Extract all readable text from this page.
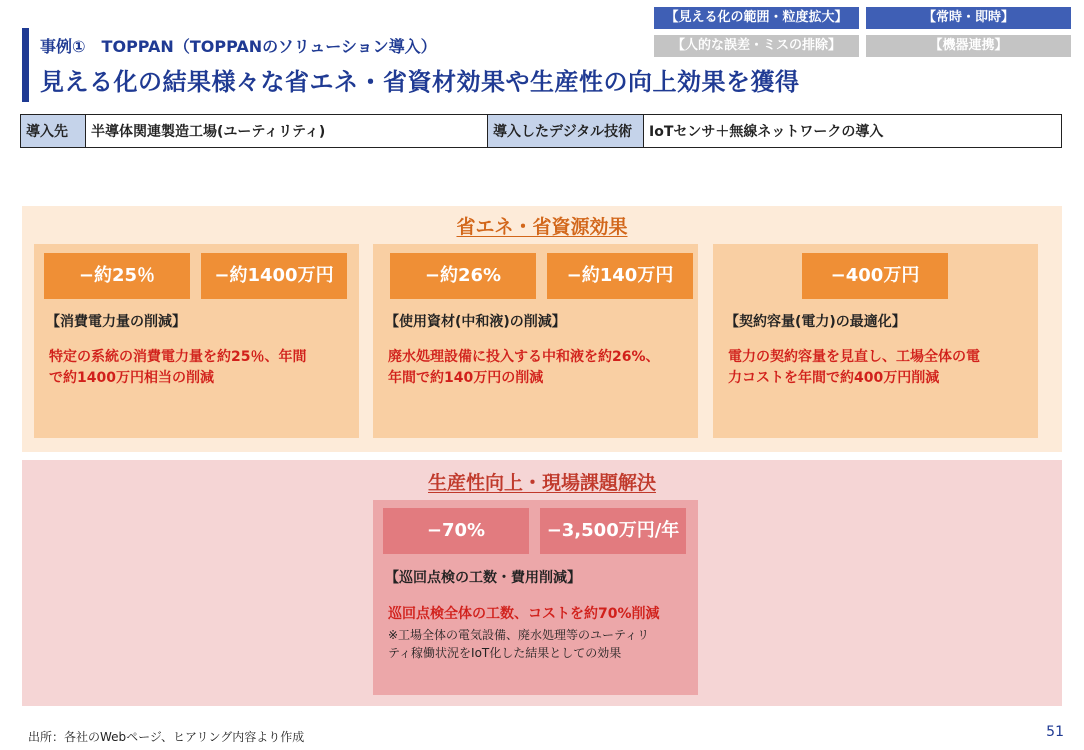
【見える化の範囲・粒度拡大】	【常時・即時】
【人的な誤差・ミスの排除】	【機器連携】
事例①　TOPPAN（TOPPANのソリューション導入）
見える化の結果様々な省エネ・省資材効果や生産性の向上効果を獲得
導入先	半導体関連製造工場(ユーティリティ)	導入したデジタル技術	IoTセンサ＋無線ネットワークの導入
省エネ・省資源効果
−約25％	−約1400万円
【消費電力量の削減】
特定の系統の消費電力量を約25％、年間
で約1400万円相当の削減
−約26%	−約140万円
【使用資材(中和液)の削減】
廃水処理設備に投入する中和液を約26%、
年間で約140万円の削減
−400万円
【契約容量(電力)の最適化】
電力の契約容量を見直し、工場全体の電
力コストを年間で約400万円削減
生産性向上・現場課題解決
−70%	−3,500万円/年
【巡回点検の工数・費用削減】
巡回点検全体の工数、コストを約70%削減
※工場全体の電気設備、廃水処理等のユーティリ
ティ稼働状況をIoT化した結果としての効果
出所：各社のWebページ、ヒアリング内容より作成	51
